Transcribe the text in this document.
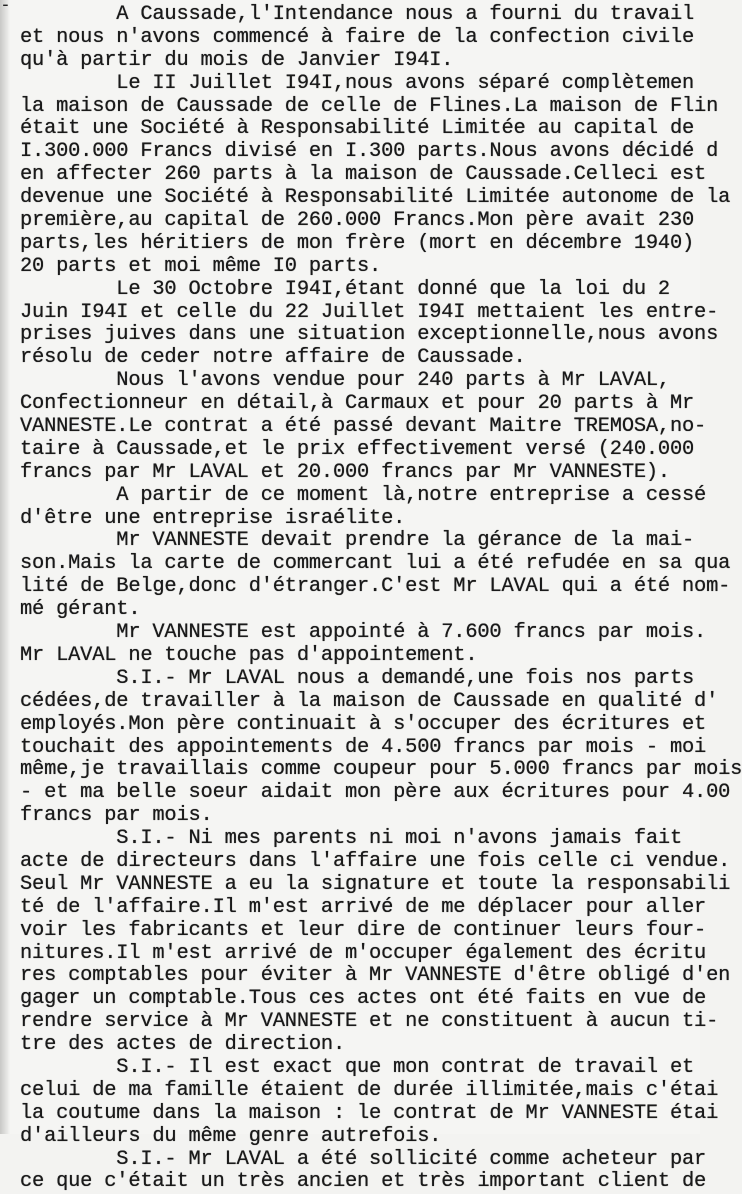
- A Caussade,l'Intendance nous a fourni du travail
et nous n'avons commencé à faire de la confection civile
qu'à partir du mois de Janvier I94I.
Le II Juillet I94I,nous avons séparé complètemen
la maison de Caussade de celle de Flines.La maison de Flin
était une Société à Responsabilité Limitée au capital de
I.300.000 Francs divisé en I.300 parts.Nous avons décidé d
en affecter 260 parts à la maison de Caussade.Celleci est
devenue une Société à Responsabilité Limitée autonome de la
première,au capital de 260.000 Francs.Mon père avait 230
parts,les héritiers de mon frère (mort en décembre 1940)
20 parts et moi même I0 parts.
Le 30 Octobre I94I,étant donné que la loi du 2
Juin I94I et celle du 22 Juillet I94I mettaient les entre-
prises juives dans une situation exceptionnelle,nous avons
résolu de ceder notre affaire de Caussade.
Nous l'avons vendue pour 240 parts à Mr LAVAL,
Confectionneur en détail,à Carmaux et pour 20 parts à Mr
VANNESTE.Le contrat a été passé devant Maitre TREMOSA,no-
taire à Caussade,et le prix effectivement versé (240.000
francs par Mr LAVAL et 20.000 francs par Mr VANNESTE).
A partir de ce moment là,notre entreprise a cessé
d'être une entreprise israélite.
Mr VANNESTE devait prendre la gérance de la mai-
son.Mais la carte de commercant lui a été refudée en sa qua
lité de Belge,donc d'étranger.C'est Mr LAVAL qui a été nom-
mé gérant.
Mr VANNESTE est appointé à 7.600 francs par mois.
Mr LAVAL ne touche pas d'appointement.
S.I.- Mr LAVAL nous a demandé,une fois nos parts
cédées,de travailler à la maison de Caussade en qualité d'
employés.Mon père continuait à s'occuper des écritures et
touchait des appointements de 4.500 francs par mois - moi
même,je travaillais comme coupeur pour 5.000 francs par mois
- et ma belle soeur aidait mon père aux écritures pour 4.00
francs par mois.
S.I.- Ni mes parents ni moi n'avons jamais fait
acte de directeurs dans l'affaire une fois celle ci vendue.
Seul Mr VANNESTE a eu la signature et toute la responsabili
té de l'affaire.Il m'est arrivé de me déplacer pour aller
voir les fabricants et leur dire de continuer leurs four-
nitures.Il m'est arrivé de m'occuper également des écritu
res comptables pour éviter à Mr VANNESTE d'être obligé d'en
gager un comptable.Tous ces actes ont été faits en vue de
rendre service à Mr VANNESTE et ne constituent à aucun ti-
tre des actes de direction.
S.I.- Il est exact que mon contrat de travail et
celui de ma famille étaient de durée illimitée,mais c'étai
la coutume dans la maison : le contrat de Mr VANNESTE étai
d'ailleurs du même genre autrefois.
S.I.- Mr LAVAL a été sollicité comme acheteur par
ce que c'était un très ancien et très important client de
